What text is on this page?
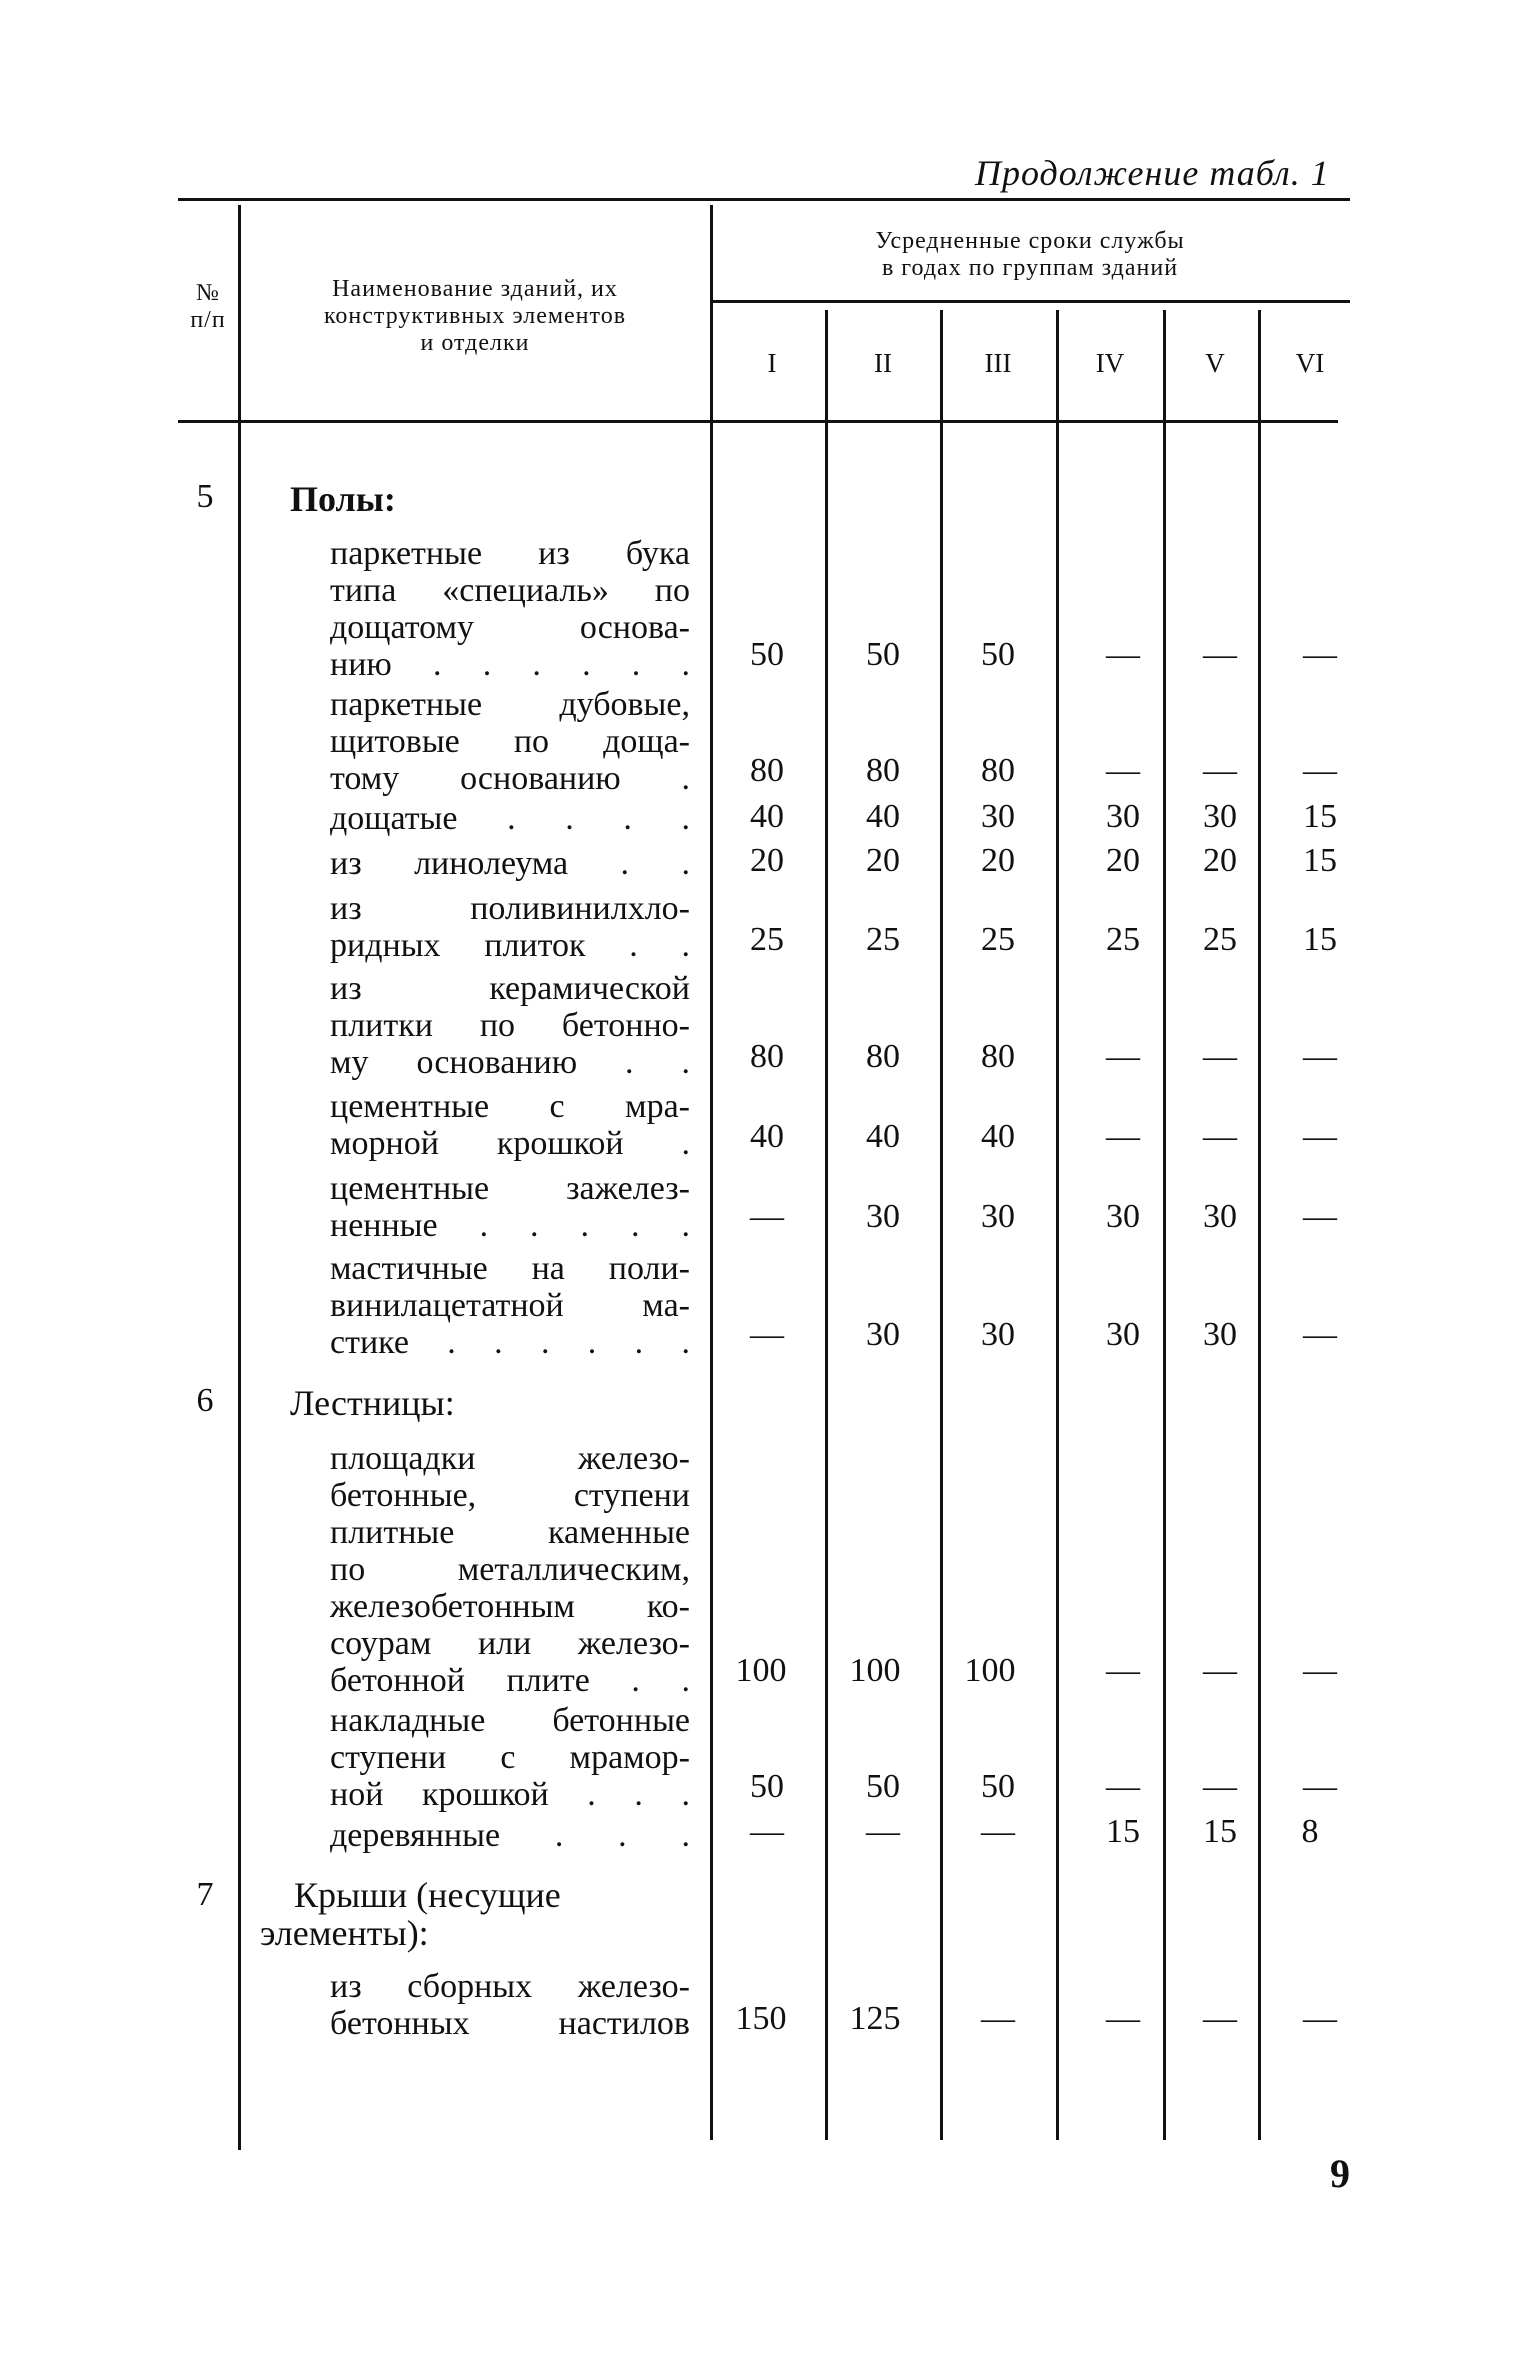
Продолжение табл. 1
№
п/п
Наименование зданий, их
конструктивных элементов
и отделки
Усредненные сроки службы
в годах по группам зданий
I	II	III	IV	V	VI
5	Полы:
паркетные из бука
типа «специаль» по
дощатому основа-
нию . . . . . .	50	50	50	—	—	—
паркетные дубовые,
щитовые по доща-
тому основанию .	80	80	80	—	—	—
дощатые . . . .	40	40	30	30	30	15
из линолеума . .	20	20	20	20	20	15
из поливинилхло-
ридных плиток . .	25	25	25	25	25	15
из керамической
плитки по бетонно-
му основанию . .	80	80	80	—	—	—
цементные с мра-
морной крошкой .	40	40	40	—	—	—
цементные зажелез-
ненные . . . . .	—	30	30	30	30	—
мастичные на поли-
винилацетатной ма-
стике . . . . . .	—	30	30	30	30	—
6	Лестницы:
площадки железо-
бетонные, ступени
плитные каменные
по металлическим,
железобетонным ко-
соурам или железо-
бетонной плите . .	100	100	100	—	—	—
накладные бетонные
ступени с мрамор-
ной крошкой . . .	50	50	50	—	—	—
деревянные . . .	—	—	—	15	15	8
7	Крыши (несущие элементы):
из сборных железо-
бетонных настилов	150	125	—	—	—	—
9
